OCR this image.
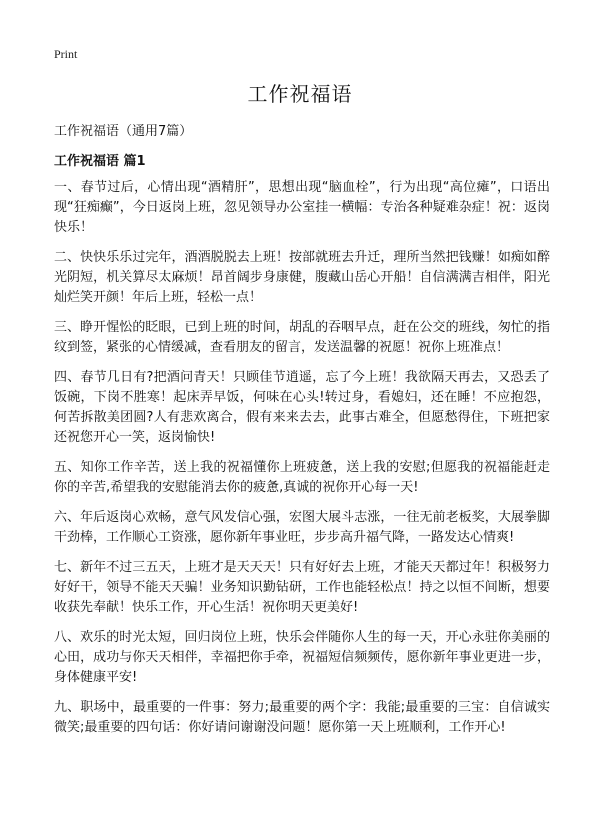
Print
工作祝福语

工作祝福语（通用7篇）

工作祝福语 篇1

一、春节过后，心情出现“酒精肝”，思想出现“脑血栓”，行为出现“高位瘫”，口语出现“狂痴癫”，今日返岗上班，忽见领导办公室挂一横幅：专治各种疑难杂症！祝：返岗快乐！

二、快快乐乐过完年，酒酒脱脱去上班！按部就班去升迁，理所当然把钱赚！如痴如醉光阴短，机关算尽太麻烦！昂首阔步身康健，腹藏山岳心开船！自信满满吉相伴，阳光灿烂笑开颜！年后上班，轻松一点！

三、睁开惺忪的眨眼，已到上班的时间，胡乱的吞咽早点，赶在公交的班线，匆忙的指纹到签，紧张的心情缓减，查看朋友的留言，发送温馨的祝愿！祝你上班准点！

四、春节几日有?把酒问青天！只顾佳节逍遥，忘了今上班！我欲隔天再去，又恐丢了饭碗，下岗不胜寒！起床弄早饭，何味在心头!转过身，看媳妇，还在睡！不应抱怨，何苦拆散美团圆?人有悲欢离合，假有来来去去，此事古难全，但愿愁得住，下班把家还祝您开心一笑，返岗愉快!

五、知你工作辛苦，送上我的祝福懂你上班疲惫，送上我的安慰;但愿我的祝福能赶走你的辛苦,希望我的安慰能消去你的疲惫,真诚的祝你开心每一天!

六、年后返岗心欢畅，意气风发信心强，宏图大展斗志涨，一往无前老板奖，大展拳脚干劲棒，工作顺心工资涨，愿你新年事业旺，步步高升福气降，一路发达心情爽!

七、新年不过三五天，上班才是天天天！只有好好去上班，才能天天都过年！积极努力好好干，领导不能天天骗！业务知识勤钻研，工作也能轻松点！持之以恒不间断，想要收获先奉献！快乐工作，开心生活！祝你明天更美好!

八、欢乐的时光太短，回归岗位上班，快乐会伴随你人生的每一天，开心永驻你美丽的心田，成功与你天天相伴，幸福把你手牵，祝福短信频频传，愿你新年事业更进一步，身体健康平安!

九、职场中，最重要的一件事：努力;最重要的两个字：我能;最重要的三宝：自信诚实微笑;最重要的四句话：你好请问谢谢没问题！愿你第一天上班顺利，工作开心!
